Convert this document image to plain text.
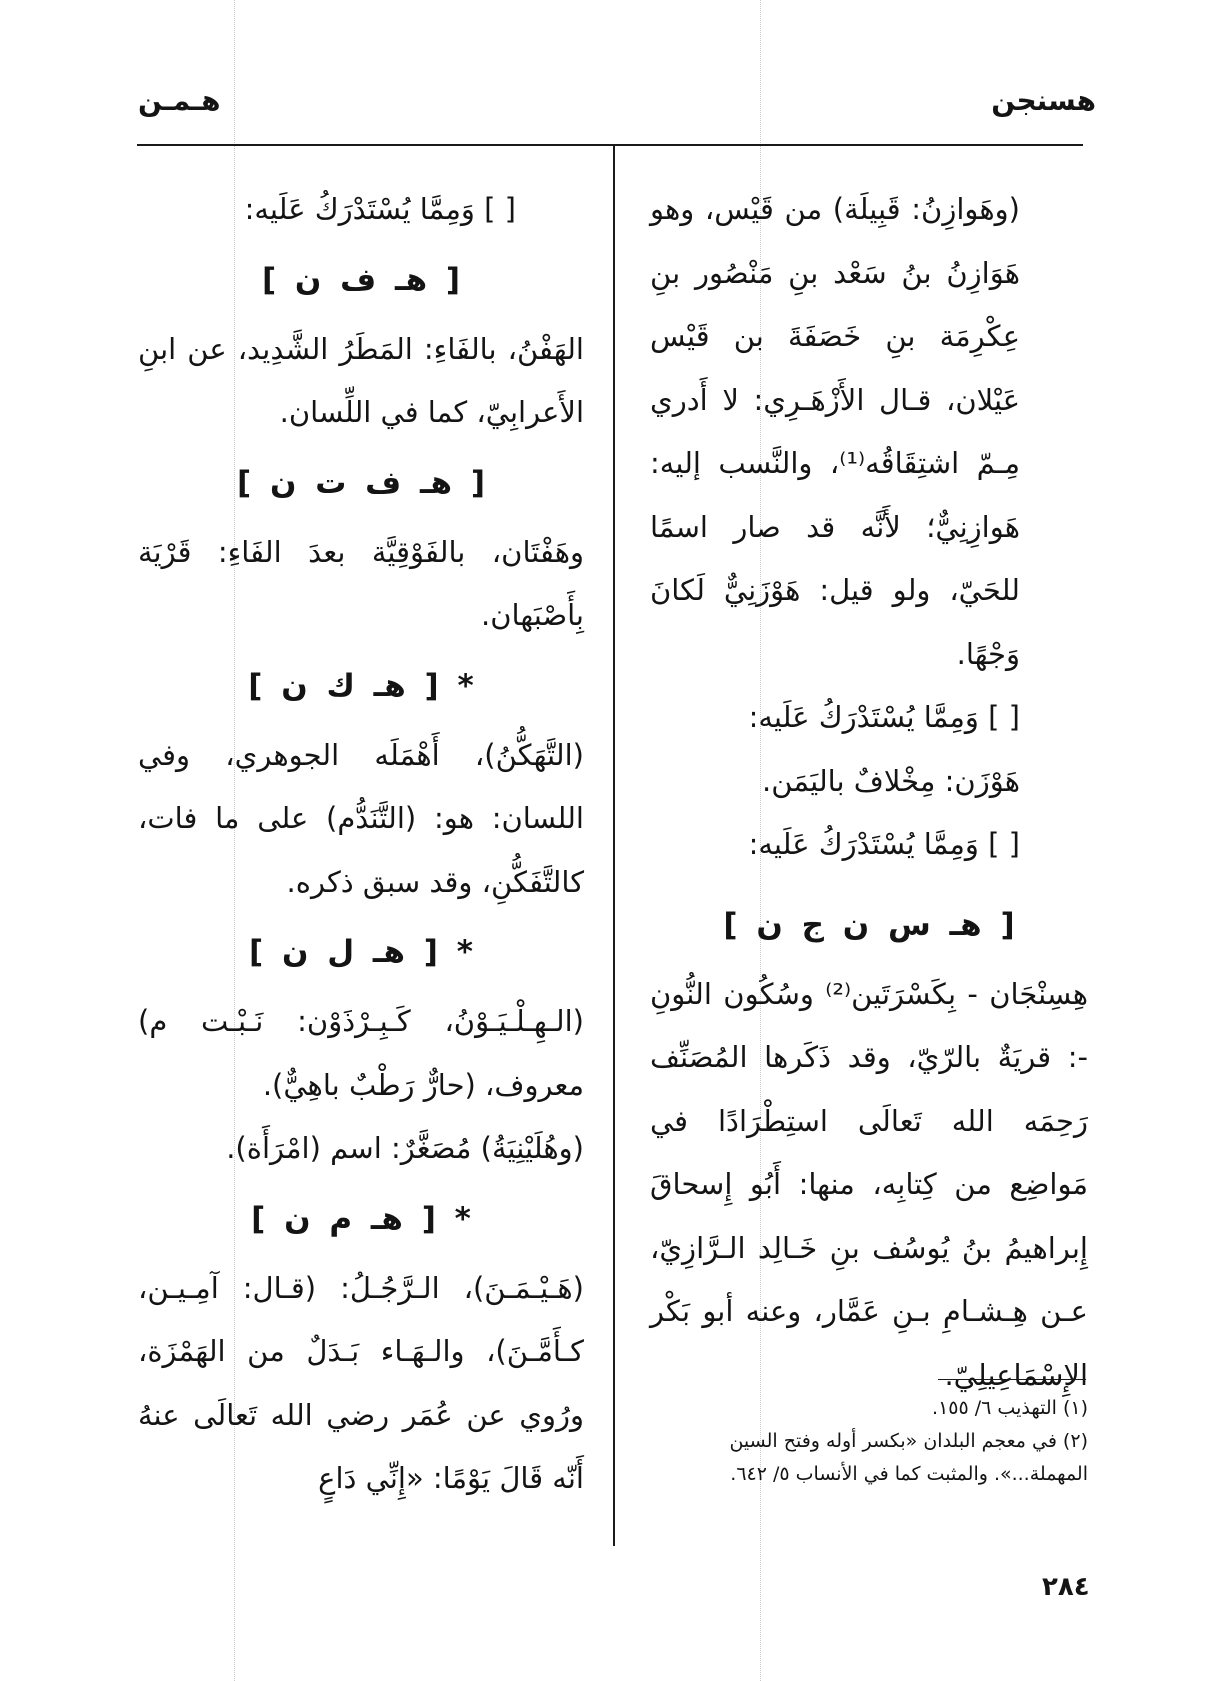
هـمـن	هسنجن

(وهَوازِنُ: قَبِيلَة) من قَيْس، وهو هَوَازِنُ بنُ سَعْد بنِ مَنْصُور بنِ عِكْرِمَة بنِ خَصَفَةَ بن قَيْس عَيْلان، قـال الأَزْهَـرِي: لا أَدري مِـمّ اشتِقَاقُه⁽¹⁾، والنَّسب إليه: هَوازِنِيٌّ؛ لأَنَّه قد صار اسمًا للحَيّ، ولو قيل: هَوْزَنِيٌّ لَكانَ وَجْهًا.

[ ] وَمِمَّا يُسْتَدْرَكُ عَلَيه:

هَوْزَن: مِخْلافٌ باليَمَن.

[ ] وَمِمَّا يُسْتَدْرَكُ عَلَيه:

[ هـ س ن ج ن ]

هِسِنْجَان - بِكَسْرَتَين⁽²⁾ وسُكُون النُّونِ -: قريَةٌ بالرّيّ، وقد ذَكَرها المُصَنِّف رَحِمَه الله تَعالَى استِطْرَادًا في مَواضِع من كِتابِه، منها: أَبُو إِسحاقَ إِبراهيمُ بنُ يُوسُف بنِ خَـالِد الـرَّازِيّ، عـن هِـشـامِ بـنِ عَمَّار، وعنه أبو بَكْر الإِسْمَاعِيلِيّ.

[ ] وَمِمَّا يُسْتَدْرَكُ عَلَيه:

[ هـ ف ن ]

الهَفْنُ، بالفَاءِ: المَطَرُ الشَّدِيد، عن ابنِ الأَعرابِيّ، كما في اللِّسان.

[ هـ ف ت ن ]

وهَفْتَان، بالفَوْقِيَّة بعدَ الفَاءِ: قَرْيَة بِأَصْبَهان.

* [ هـ ك ن ]

(التَّهَكُّنُ)، أَهْمَلَه الجوهري، وفي اللسان: هو: (التَّنَدُّم) على ما فات، كالتَّفَكُّنِ، وقد سبق ذكره.

* [ هـ ل ن ]

(الـهِـلْـيَـوْنُ، كَـبِـرْذَوْن: نَـبْـت م) معروف، (حارٌّ رَطْبٌ باهِيٌّ).

(وهُلَيْنِيَةُ) مُصَغَّرٌ: اسم (امْرَأَة).

* [ هـ م ن ]

(هَـيْـمَـنَ)، الـرَّجُـلُ: (قـال: آمِـيـن، كـأَمَّـنَ)، والـهَـاء بَـدَلٌ من الهَمْزَة، ورُوي عن عُمَر رضي الله تَعالَى عنهُ أَنّه قَالَ يَوْمًا: «إِنِّي دَاعٍ

(١) التهذيب ٦/ ١٥٥.

(٢) في معجم البلدان «بكسر أوله وفتح السين المهملة...». والمثبت كما في الأنساب ٥/ ٦٤٢.

٢٨٤
